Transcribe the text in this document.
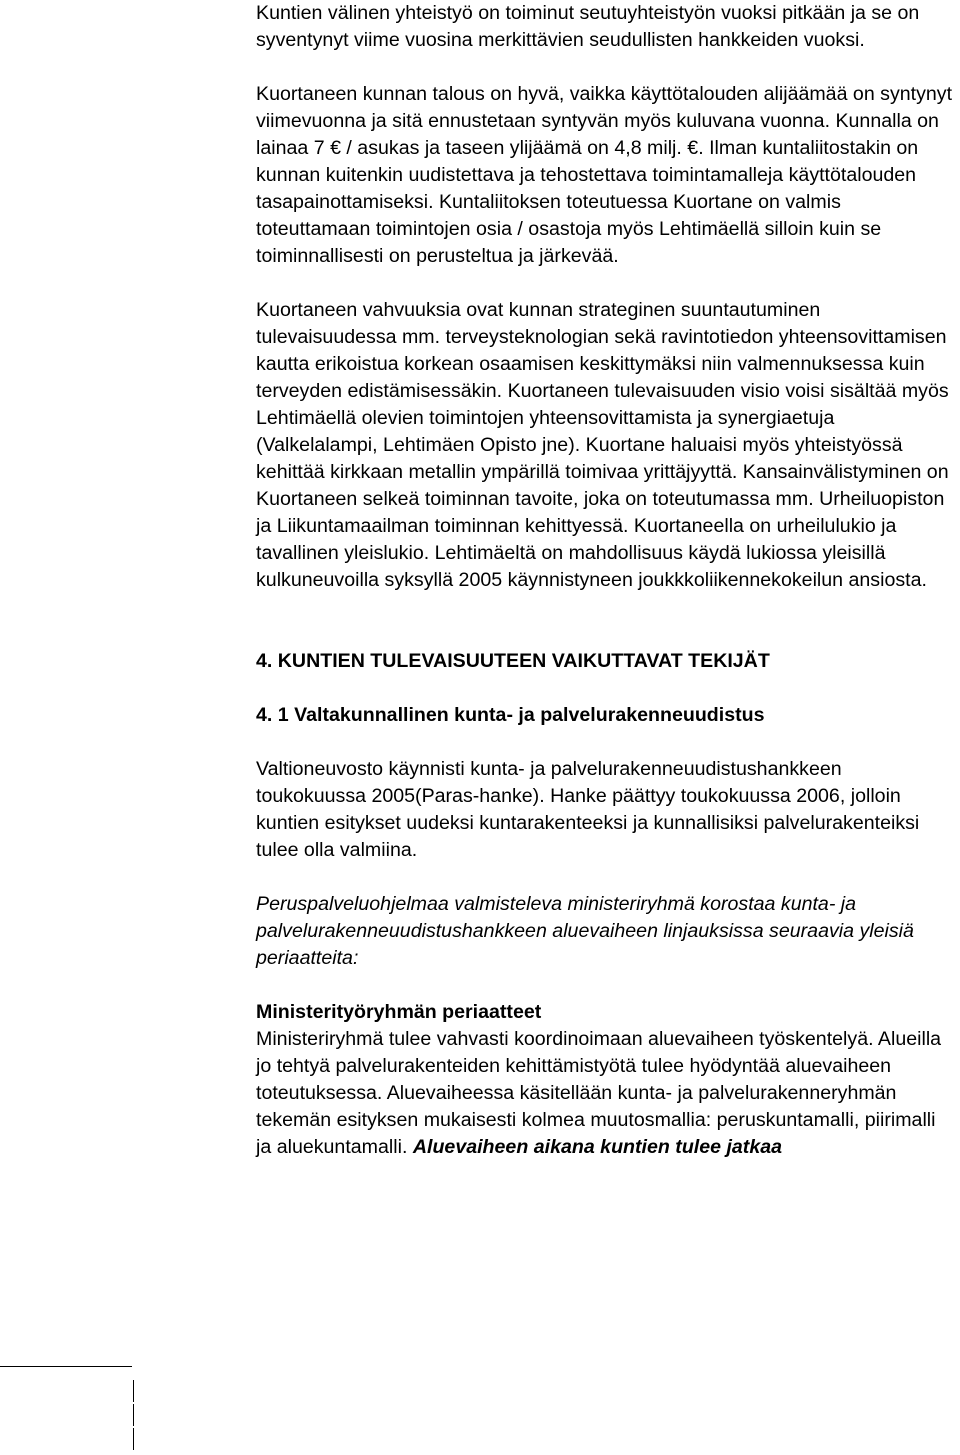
Kuntien välinen yhteistyö on toiminut seutuyhteistyön vuoksi pitkään ja se on syventynyt viime vuosina merkittävien seudullisten hankkeiden vuoksi.

Kuortaneen kunnan talous on hyvä, vaikka käyttötalouden alijäämää on syntynyt viimevuonna ja sitä ennustetaan syntyvän myös kuluvana vuonna. Kunnalla on lainaa 7 € / asukas ja taseen ylijäämä on 4,8 milj. €. Ilman kuntaliitostakin on kunnan kuitenkin uudistettava ja tehostettava toimintamalleja käyttötalouden tasapainottamiseksi. Kuntaliitoksen toteutuessa Kuortane on valmis toteuttamaan toimintojen osia / osastoja myös Lehtimäellä silloin kuin se toiminnallisesti on perusteltua ja järkevää.

Kuortaneen vahvuuksia ovat kunnan strateginen suuntautuminen tulevaisuudessa mm. terveysteknologian sekä ravintotiedon yhteensovittamisen kautta erikoistua korkean osaamisen keskittymäksi niin valmennuksessa kuin terveyden edistämisessäkin. Kuortaneen tulevaisuuden visio voisi sisältää myös Lehtimäellä olevien toimintojen yhteensovittamista ja synergiaetuja (Valkelalampi, Lehtimäen Opisto jne). Kuortane haluaisi myös yhteistyössä kehittää kirkkaan metallin ympärillä toimivaa yrittäjyyttä. Kansainvälistyminen on Kuortaneen selkeä toiminnan tavoite, joka on toteutumassa mm. Urheiluopiston ja Liikuntamaailman toiminnan kehittyessä. Kuortaneella on urheilulukio ja tavallinen yleislukio. Lehtimäeltä on mahdollisuus käydä lukiossa yleisillä kulkuneuvoilla syksyllä 2005 käynnistyneen joukkkoliikennekokeilun ansiosta.

4. KUNTIEN TULEVAISUUTEEN VAIKUTTAVAT TEKIJÄT

4. 1 Valtakunnallinen kunta- ja palvelurakenneuudistus

Valtioneuvosto käynnisti kunta- ja palvelurakenneuudistushankkeen toukokuussa 2005(Paras-hanke). Hanke päättyy toukokuussa 2006, jolloin kuntien esitykset uudeksi kuntarakenteeksi ja kunnallisiksi palvelurakenteiksi tulee olla valmiina.

Peruspalveluohjelmaa valmisteleva ministeriryhmä korostaa kunta- ja palvelurakenneuudistushankkeen aluevaiheen linjauksissa seuraavia yleisiä periaatteita:

Ministerityöryhmän periaatteet

Ministeriryhmä tulee vahvasti koordinoimaan aluevaiheen työskentelyä. Alueilla jo tehtyä palvelurakenteiden kehittämistyötä tulee hyödyntää aluevaiheen toteutuksessa. Aluevaiheessa käsitellään kunta- ja palvelurakenneryhmän tekemän esityksen mukaisesti kolmea muutosmallia: peruskuntamalli, piirimalli ja aluekuntamalli. Aluevaiheen aikana kuntien tulee jatkaa
